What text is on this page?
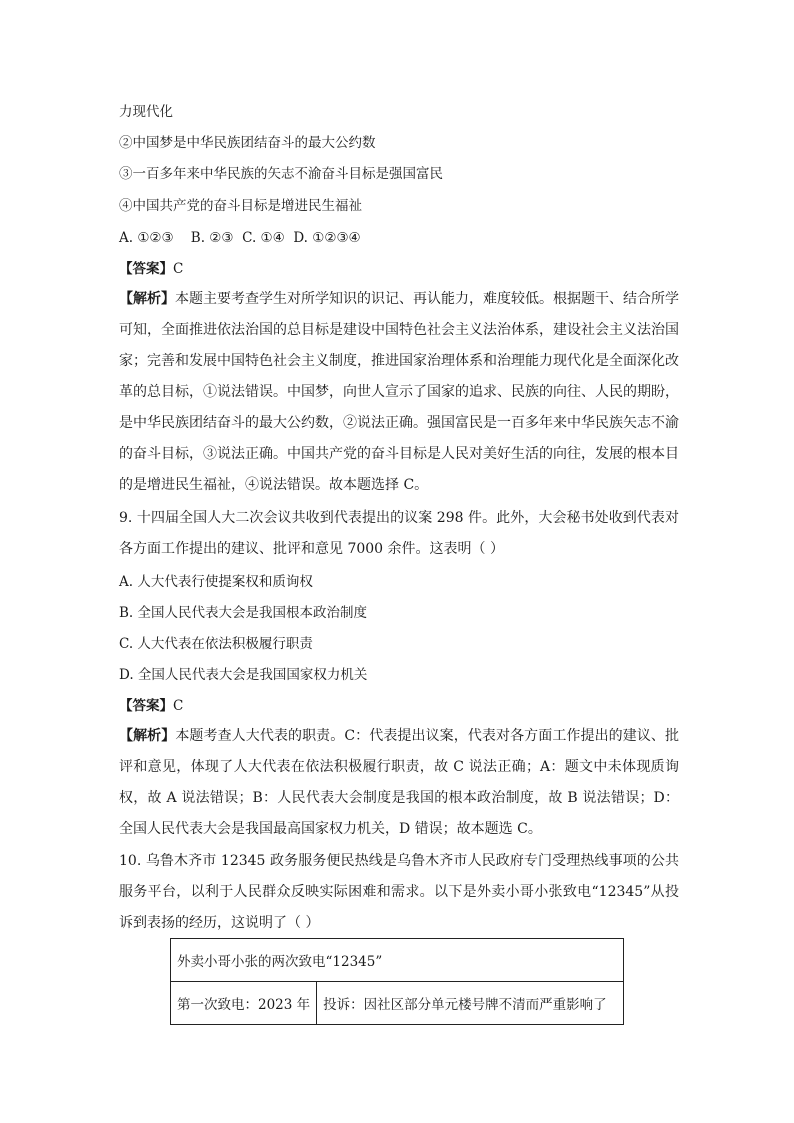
力现代化
②中国梦是中华民族团结奋斗的最大公约数
③一百多年来中华民族的矢志不渝奋斗目标是强国富民
④中国共产党的奋斗目标是增进民生福祉
A. ①②③    B. ②③  C. ①④  D. ①②③④
【答案】C

【解析】本题主要考查学生对所学知识的识记、再认能力，难度较低。根据题干、结合所学可知，全面推进依法治国的总目标是建设中国特色社会主义法治体系，建设社会主义法治国家；完善和发展中国特色社会主义制度，推进国家治理体系和治理能力现代化是全面深化改革的总目标，①说法错误。中国梦，向世人宣示了国家的追求、民族的向往、人民的期盼，是中华民族团结奋斗的最大公约数，②说法正确。强国富民是一百多年来中华民族矢志不渝的奋斗目标，③说法正确。中国共产党的奋斗目标是人民对美好生活的向往，发展的根本目的是增进民生福祉，④说法错误。故本题选择 C。

9. 十四届全国人大二次会议共收到代表提出的议案 298 件。此外，大会秘书处收到代表对各方面工作提出的建议、批评和意见 7000 余件。这表明（ ）
A. 人大代表行使提案权和质询权
B. 全国人民代表大会是我国根本政治制度
C. 人大代表在依法积极履行职责
D. 全国人民代表大会是我国国家权力机关
【答案】C

【解析】本题考查人大代表的职责。C：代表提出议案，代表对各方面工作提出的建议、批评和意见，体现了人大代表在依法积极履行职责，故 C 说法正确；A：题文中未体现质询权，故 A 说法错误；B：人民代表大会制度是我国的根本政治制度，故 B 说法错误；D：全国人民代表大会是我国最高国家权力机关，D 错误；故本题选 C。

10. 乌鲁木齐市 12345 政务服务便民热线是乌鲁木齐市人民政府专门受理热线事项的公共服务平台，以利于人民群众反映实际困难和需求。以下是外卖小哥小张致电“12345”从投诉到表扬的经历，这说明了（ ）
外卖小哥小张的两次致电“12345”
第一次致电：2023 年	投诉：因社区部分单元楼号牌不清而严重影响了
